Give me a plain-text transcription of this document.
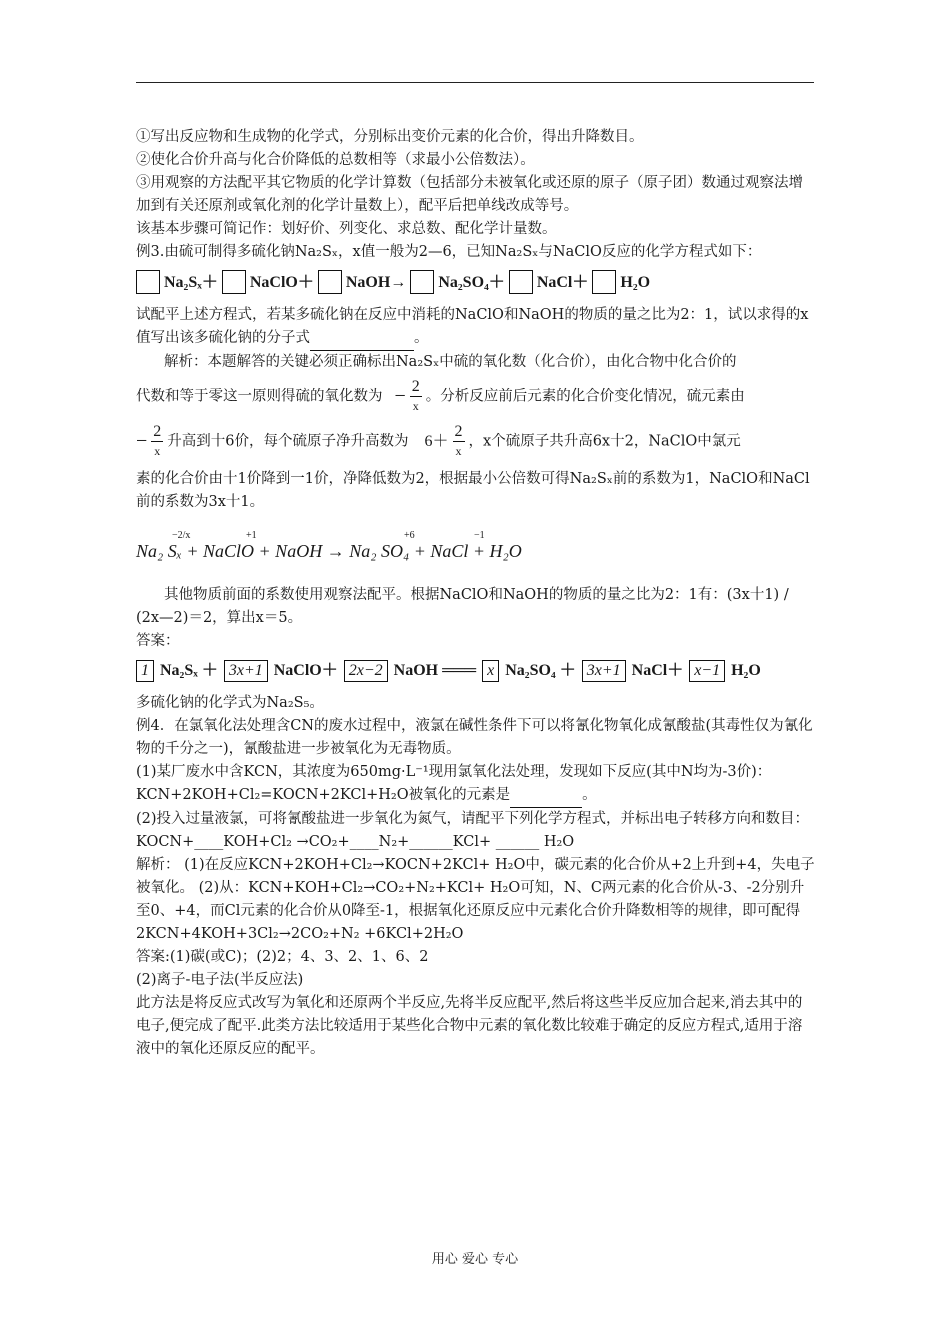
①写出反应物和生成物的化学式，分别标出变价元素的化合价，得出升降数目。

②使化合价升高与化合价降低的总数相等（求最小公倍数法）。

③用观察的方法配平其它物质的化学计算数（包括部分未被氧化或还原的原子（原子团）数通过观察法增加到有关还原剂或氧化剂的化学计量数上），配平后把单线改成等号。

该基本步骤可简记作：划好价、列变化、求总数、配化学计量数。

例3.由硫可制得多硫化钠Na₂Sₓ，x值一般为2—6，已知Na₂Sₓ与NaClO反应的化学方程式如下：

Na₂Sₓ＋ NaClO＋ NaOH→ Na₂SO₄＋ NaCl＋ H₂O

试配平上述方程式，若某多硫化钠在反应中消耗的NaClO和NaOH的物质的量之比为2：1，试以求得的x值写出该多硫化钠的分子式	。

解析：本题解答的关键必须正确标出Na₂Sₓ中硫的氧化数（化合价），由化合物中化合价的

代数和等于零这一原则得硫的氧化数为 − $\frac{2}{x}$ 。分析反应前后元素的化合价变化情况，硫元素由

− $\frac{2}{x}$ 升高到十6价，每个硫原子净升高数为 $6+ \frac{2}{x}$ ，x个硫原子共升高6x十2，NaClO中氯元

素的化合价由十1价降到一1价，净降低数为2，根据最小公倍数可得Na₂Sₓ前的系数为1，NaClO和NaCl前的系数为3x十1。

−2/x	+1	+6	−1
Na₂ Sₓ + NaClO + NaOH → Na₂ SO₄ + NaCl + H₂O

其他物质前面的系数使用观察法配平。根据NaClO和NaOH的物质的量之比为2：1有：(3x十1) / (2x—2)＝2，算出x＝5。

答案：

1 Na₂Sₓ ＋ 3x+1 NaClO＋ 2x−2 NaOH ═══ x Na₂SO₄ ＋ 3x+1 NaCl＋ x−1 H₂O

多硫化钠的化学式为Na₂S₅。

例4．在氯氧化法处理含CN的废水过程中，液氯在碱性条件下可以将氰化物氧化成氰酸盐(其毒性仅为氰化物的千分之一)，氰酸盐进一步被氧化为无毒物质。

(1)某厂废水中含KCN，其浓度为650mg·L⁻¹现用氯氧化法处理，发现如下反应(其中N均为-3价)：KCN+2KOH+Cl₂=KOCN+2KCl+H₂O被氧化的元素是	。

(2)投入过量液氯，可将氰酸盐进一步氧化为氮气，请配平下列化学方程式，并标出电子转移方向和数目：

KOCN+____KOH+Cl₂ →CO₂+____N₂+______KCl+ ______ H₂O

解析： (1)在反应KCN+2KOH+Cl₂→KOCN+2KCl+ H₂O中，碳元素的化合价从+2上升到+4，失电子被氧化。 (2)从：KCN+KOH+Cl₂→CO₂+N₂+KCl+ H₂O可知，N、C两元素的化合价从-3、-2分别升至0、+4，而Cl元素的化合价从0降至-1，根据氧化还原反应中元素化合价升降数相等的规律，即可配得2KCN+4KOH+3Cl₂→2CO₂+N₂ +6KCl+2H₂O

答案:(1)碳(或C)；(2)2；4、3、2、1、6、2

(2)离子-电子法(半反应法)

此方法是将反应式改写为氧化和还原两个半反应,先将半反应配平,然后将这些半反应加合起来,消去其中的电子,便完成了配平.此类方法比较适用于某些化合物中元素的氧化数比较难于确定的反应方程式,适用于溶液中的氧化还原反应的配平。

用心 爱心 专心
